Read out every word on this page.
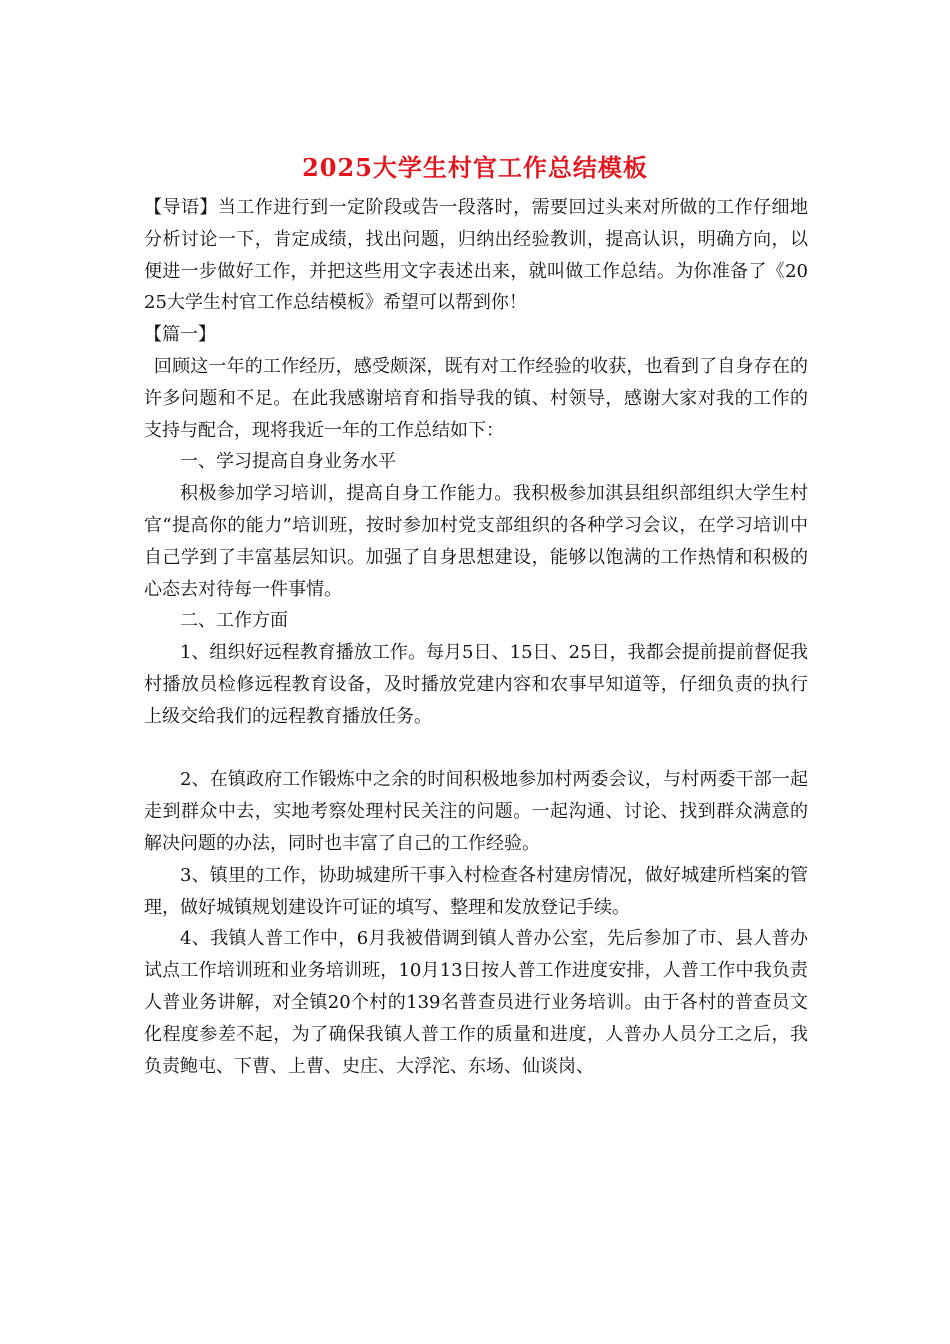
2025大学生村官工作总结模板

【导语】当工作进行到一定阶段或告一段落时，需要回过头来对所做的工作仔细地分析讨论一下，肯定成绩，找出问题，归纳出经验教训，提高认识，明确方向，以便进一步做好工作，并把这些用文字表述出来，就叫做工作总结。为你准备了《2025大学生村官工作总结模板》希望可以帮到你！

【篇一】

回顾这一年的工作经历，感受颇深，既有对工作经验的收获，也看到了自身存在的许多问题和不足。在此我感谢培育和指导我的镇、村领导，感谢大家对我的工作的支持与配合，现将我近一年的工作总结如下：

一、学习提高自身业务水平

积极参加学习培训，提高自身工作能力。我积极参加淇县组织部组织大学生村官“提高你的能力”培训班，按时参加村党支部组织的各种学习会议，在学习培训中自己学到了丰富基层知识。加强了自身思想建设，能够以饱满的工作热情和积极的心态去对待每一件事情。

二、工作方面

1、组织好远程教育播放工作。每月5日、15日、25日，我都会提前提前督促我村播放员检修远程教育设备，及时播放党建内容和农事早知道等，仔细负责的执行上级交给我们的远程教育播放任务。

2、在镇政府工作锻炼中之余的时间积极地参加村两委会议，与村两委干部一起走到群众中去，实地考察处理村民关注的问题。一起沟通、讨论、找到群众满意的解决问题的办法，同时也丰富了自己的工作经验。

3、镇里的工作，协助城建所干事入村检查各村建房情况，做好城建所档案的管理，做好城镇规划建设许可证的填写、整理和发放登记手续。

4、我镇人普工作中，6月我被借调到镇人普办公室，先后参加了市、县人普办试点工作培训班和业务培训班，10月13日按人普工作进度安排，人普工作中我负责人普业务讲解，对全镇20个村的139名普查员进行业务培训。由于各村的普查员文化程度参差不起，为了确保我镇人普工作的质量和进度，人普办人员分工之后，我负责鲍屯、下曹、上曹、史庄、大浮沱、东场、仙谈岗、
